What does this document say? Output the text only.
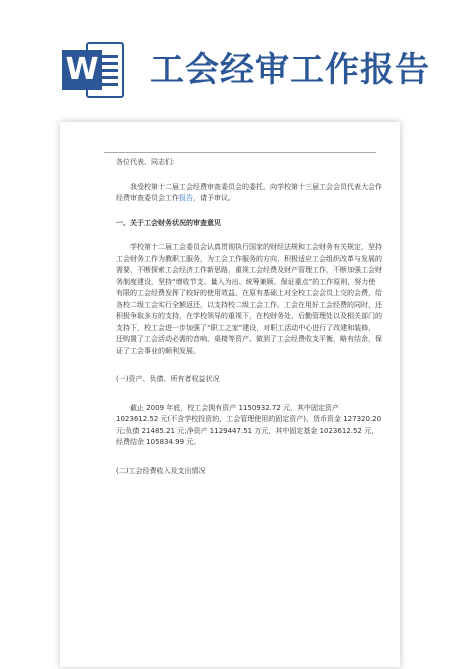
W 工会经审工作报告

各位代表、同志们:

我受校第十二届工会经费审查委员会的委托，向学校第十三届工会会员代表大会作经费审查委员会工作报告，请予审议。

一、关于工会财务状况的审查意见

学校第十二届工会委员会认真贯彻执行国家的财经法规和工会财务有关规定，坚持工会财务工作为教职工服务，为工会工作服务的方向，积极适应工会组织改革与发展的需要，不断探索工会经济工作新思路，重视工会经费及财产管理工作，不断加强工会财务制度建设，坚持“增收节支、量入为出、统筹兼顾、保证重点”的工作原则，努力使有限的工会经费发挥了较好的使用效益。在原有基础上对全校工会会员上交的会费，给各校二级工会实行全额返还，以支持校二级工会工作。工会在用好工会经费的同时，还积极争取多方的支持，在学校领导的重视下，在校财务处、后勤管理处以及相关部门的支持下，校工会进一步加强了“职工之家”建设，对职工活动中心进行了改建和装修，还购置了工会活动必需的音响、桌椅等资产。做到了工会经费收支平衡，略有结余，保证了工会事业的顺利发展。

(一)资产、负债、所有者权益状况

截止 2009 年底，校工会拥有资产 1150932.72 元，其中固定资产 1023612.52 元(不含学校投资的，工会管理使用的固定资产)，货币资金 127320.20 元;负债 21485.21 元;净资产 1129447.51 万元，其中固定基金 1023612.52 元，经费结余 105834.99 元。

(二)工会经费收入及支出情况
